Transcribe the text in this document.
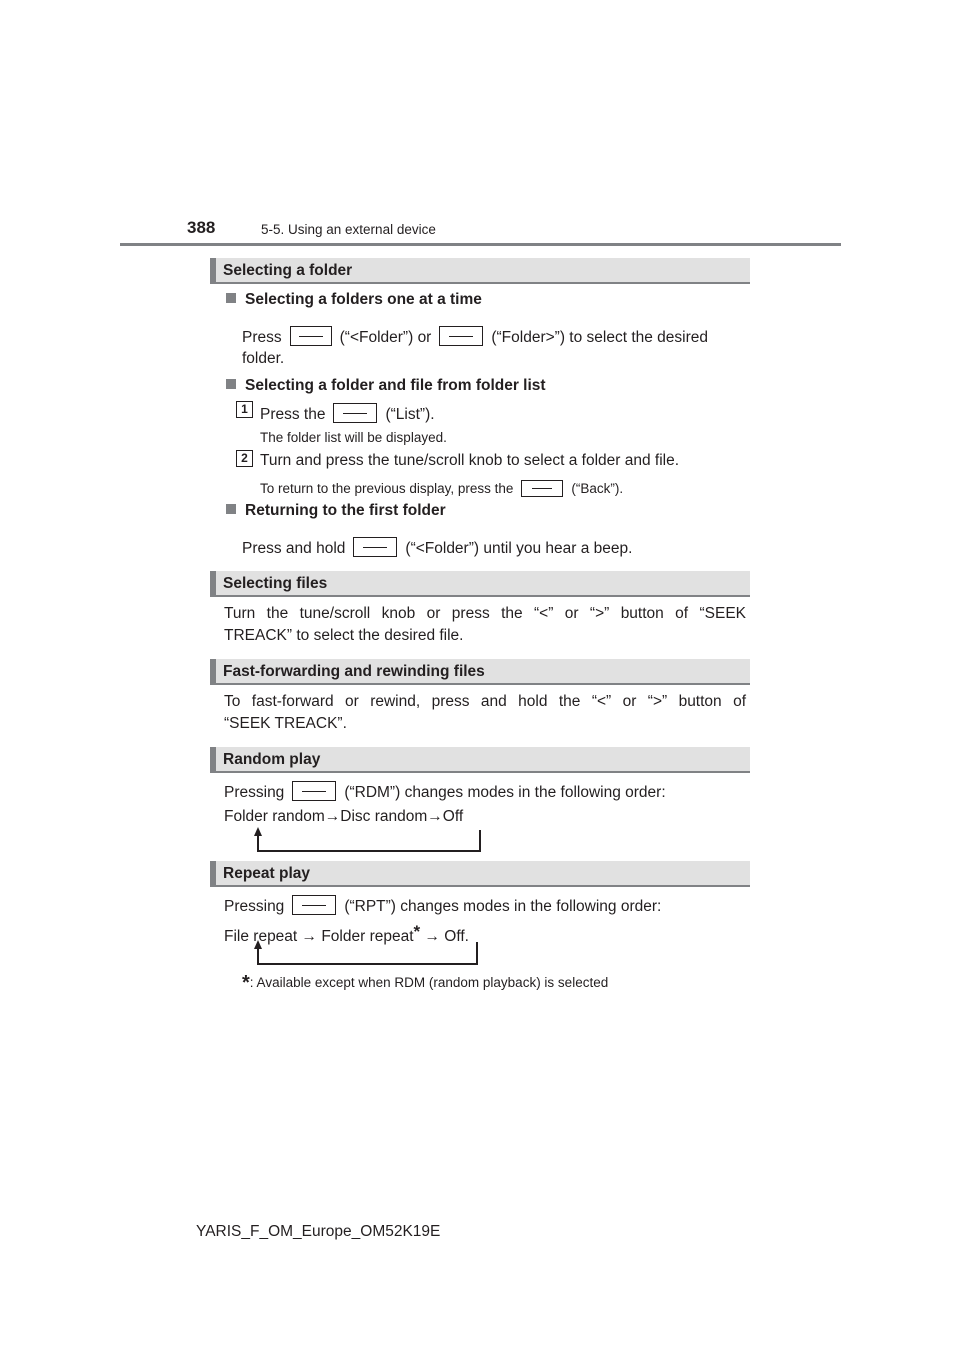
388	5-5. Using an external device
Selecting a folder
Selecting a folders one at a time
Press	(“<Folder”) or	(“Folder>”) to select the desired
folder.
Selecting a folder and file from folder list
1 Press the	(“List”).
The folder list will be displayed.
2 Turn and press the tune/scroll knob to select a folder and file.
To return to the previous display, press the	(“Back”).
Returning to the first folder
Press and hold	(“<Folder”) until you hear a beep.
Selecting files
Turn the tune/scroll knob or press the “<” or “>” button of “SEEK
TREACK” to select the desired file.
Fast-forwarding and rewinding files
To fast-forward or rewind, press and hold the “<” or “>” button of
“SEEK TREACK”.
Random play
Pressing	(“RDM”) changes modes in the following order:
Folder random→Disc random→Off
Repeat play
Pressing	(“RPT”) changes modes in the following order:
File repeat → Folder repeat* → Off.
*: Available except when RDM (random playback) is selected
YARIS_F_OM_Europe_OM52K19E
